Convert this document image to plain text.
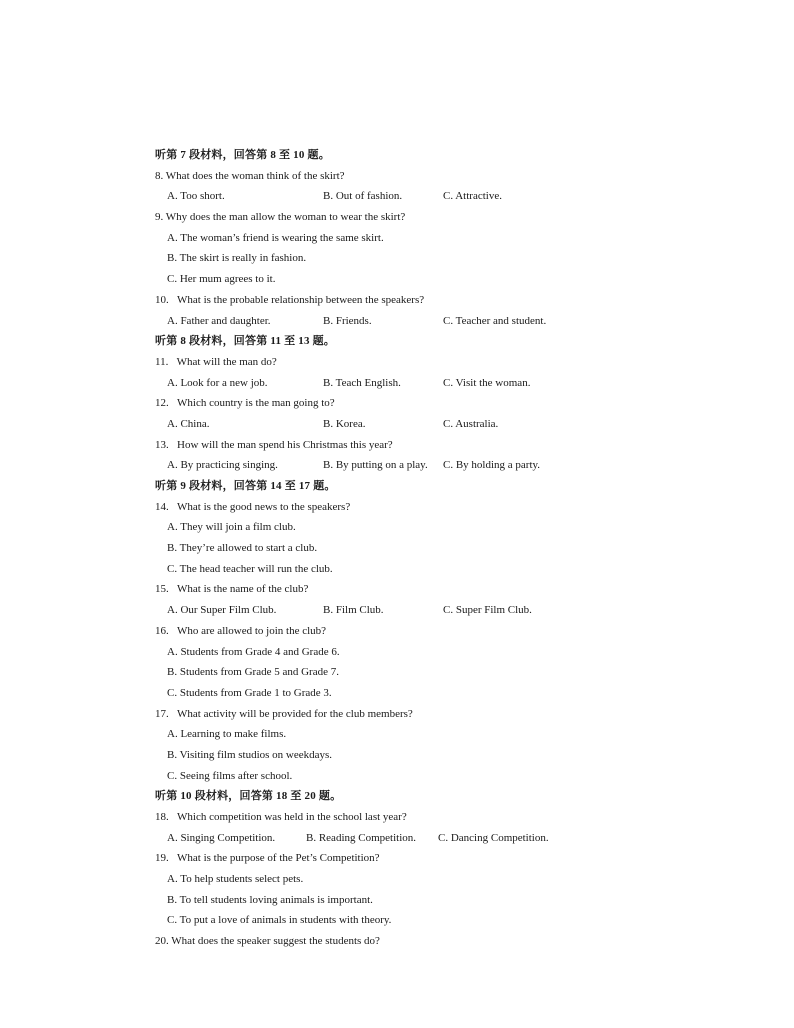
听第 7 段材料，回答第 8 至 10 题。
8. What does the woman think of the skirt?
A. Too short.	B. Out of fashion.	C. Attractive.
9. Why does the man allow the woman to wear the skirt?
A. The woman’s friend is wearing the same skirt.
B. The skirt is really in fashion.
C. Her mum agrees to it.
10.   What is the probable relationship between the speakers?
A. Father and daughter.	B. Friends.	C. Teacher and student.
听第 8 段材料，回答第 11 至 13 题。
11.   What will the man do?
A. Look for a new job.	B. Teach English.	C. Visit the woman.
12.   Which country is the man going to?
A. China.	B. Korea.	C. Australia.
13.   How will the man spend his Christmas this year?
A. By practicing singing.	B. By putting on a play.	C. By holding a party.
听第 9 段材料，回答第 14 至 17 题。
14.   What is the good news to the speakers?
A. They will join a film club.
B. They’re allowed to start a club.
C. The head teacher will run the club.
15.   What is the name of the club?
A. Our Super Film Club.	B. Film Club.	C. Super Film Club.
16.   Who are allowed to join the club?
A. Students from Grade 4 and Grade 6.
B. Students from Grade 5 and Grade 7.
C. Students from Grade 1 to Grade 3.
17.   What activity will be provided for the club members?
A. Learning to make films.
B. Visiting film studios on weekdays.
C. Seeing films after school.
听第 10 段材料，回答第 18 至 20 题。
18.   Which competition was held in the school last year?
A. Singing Competition.	B. Reading Competition.	C. Dancing Competition.
19.   What is the purpose of the Pet’s Competition?
A. To help students select pets.
B. To tell students loving animals is important.
C. To put a love of animals in students with theory.
20. What does the speaker suggest the students do?
